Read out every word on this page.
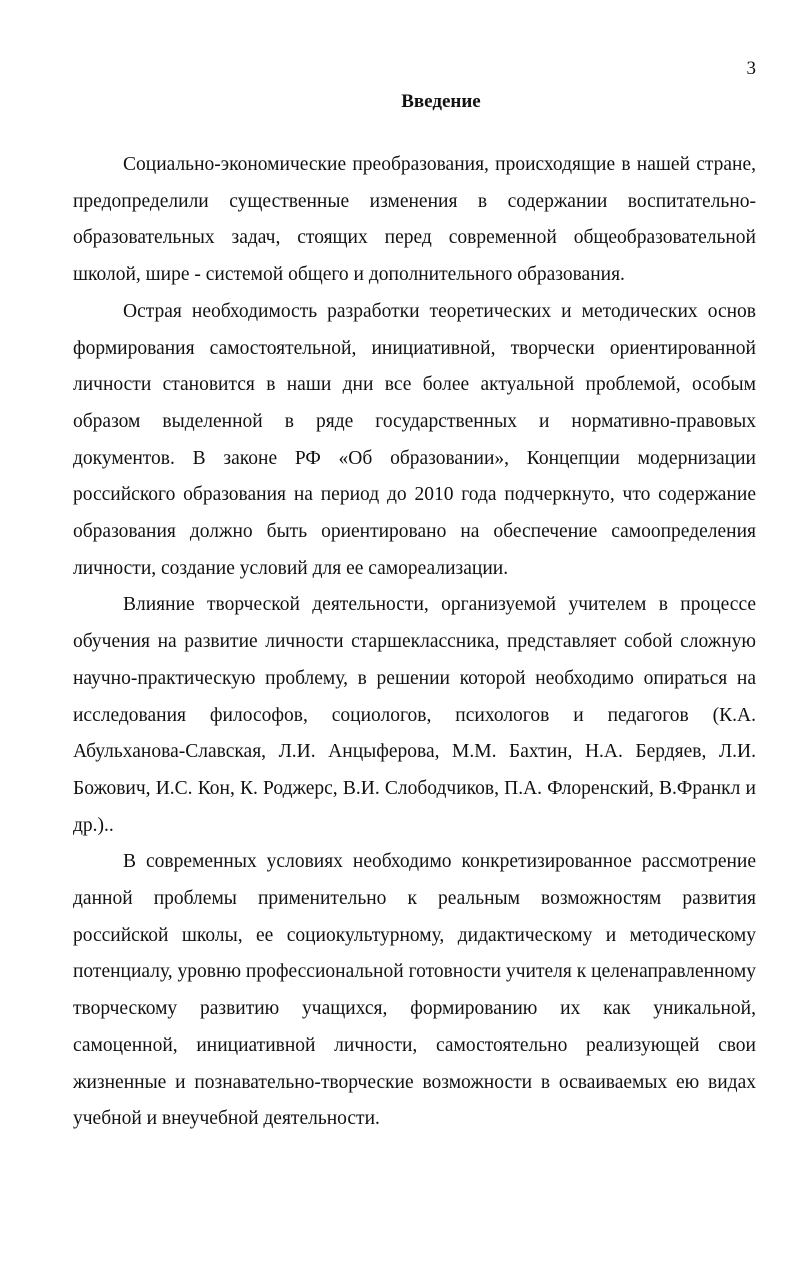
3
Введение

Социально-экономические преобразования, происходящие в нашей стране, предопределили существенные изменения в содержании воспитательно-образовательных задач, стоящих перед современной общеобразовательной школой, шире - системой общего и дополнительного образования.

Острая необходимость разработки теоретических и методических основ формирования самостоятельной, инициативной, творчески ориентированной личности становится в наши дни все более актуальной проблемой, особым образом выделенной в ряде государственных и нормативно-правовых документов. В законе РФ «Об образовании», Концепции модернизации российского образования на период до 2010 года подчеркнуто, что содержание образования должно быть ориентировано на обеспечение самоопределения личности, создание условий для ее самореализации.

Влияние творческой деятельности, организуемой учителем в процессе обучения на развитие личности старшеклассника, представляет собой сложную научно-практическую проблему, в решении которой необходимо опираться на исследования философов, социологов, психологов и педагогов (К.А. Абульханова-Славская, Л.И. Анцыферова, М.М. Бахтин, Н.А. Бердяев, Л.И. Божович, И.С. Кон, К. Роджерс, В.И. Слободчиков, П.А. Флоренский, В.Франкл и др.)..

В современных условиях необходимо конкретизированное рассмотрение данной проблемы применительно к реальным возможностям развития российской школы, ее социокультурному, дидактическому и методическому потенциалу, уровню профессиональной готовности учителя к целенаправленному творческому развитию учащихся, формированию их как уникальной, самоценной, инициативной личности, самостоятельно реализующей свои жизненные и познавательно-творческие возможности в осваиваемых ею видах учебной и внеучебной деятельности.
